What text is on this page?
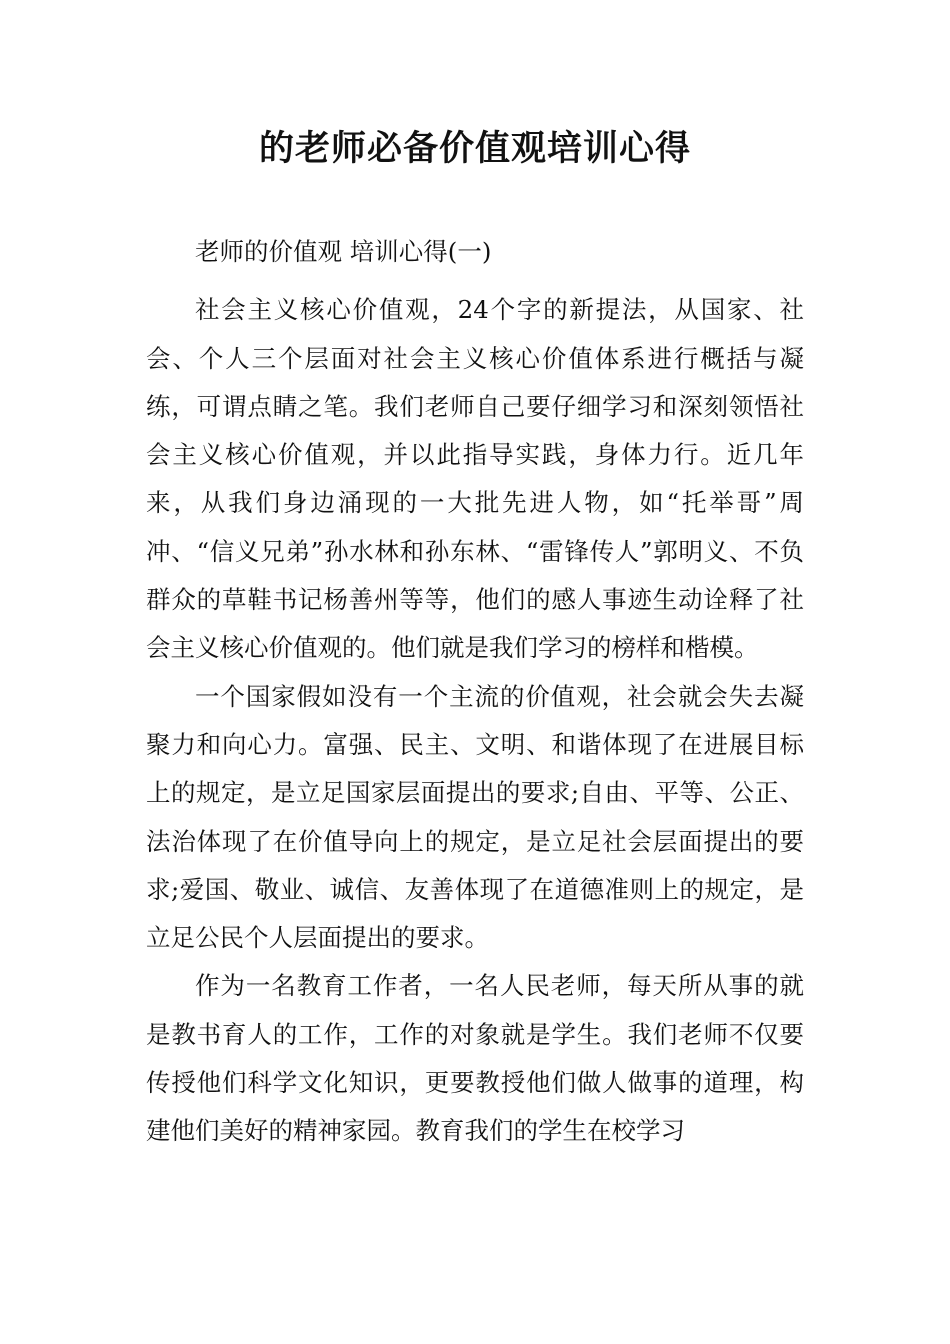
的老师必备价值观培训心得

老师的价值观 培训心得(一)

社会主义核心价值观，24个字的新提法，从国家、社会、个人三个层面对社会主义核心价值体系进行概括与凝练，可谓点睛之笔。我们老师自己要仔细学习和深刻领悟社会主义核心价值观，并以此指导实践，身体力行。近几年来，从我们身边涌现的一大批先进人物，如“托举哥”周冲、“信义兄弟”孙水林和孙东林、“雷锋传人”郭明义、不负群众的草鞋书记杨善州等等，他们的感人事迹生动诠释了社会主义核心价值观的。他们就是我们学习的榜样和楷模。

一个国家假如没有一个主流的价值观，社会就会失去凝聚力和向心力。富强、民主、文明、和谐体现了在进展目标上的规定，是立足国家层面提出的要求;自由、平等、公正、法治体现了在价值导向上的规定，是立足社会层面提出的要求;爱国、敬业、诚信、友善体现了在道德准则上的规定，是立足公民个人层面提出的要求。

作为一名教育工作者，一名人民老师，每天所从事的就是教书育人的工作，工作的对象就是学生。我们老师不仅要传授他们科学文化知识，更要教授他们做人做事的道理，构建他们美好的精神家园。教育我们的学生在校学习
